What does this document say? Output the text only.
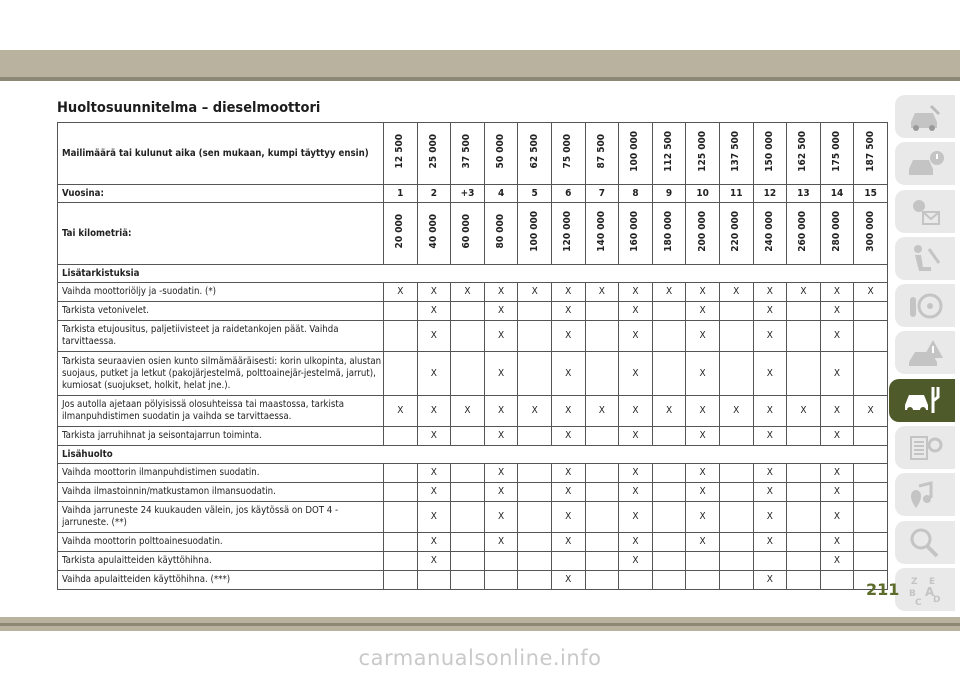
Huoltosuunnitelma – dieselmoottori
Mailimäärä tai kulunut aika (sen mukaan, kumpi täyttyy ensin)	12 500	25 000	37 500	50 000	62 500	75 000	87 500	100 000	112 500	125 000	137 500	150 000	162 500	175 000	187 500
Vuosina:	1	2	+3	4	5	6	7	8	9	10	11	12	13	14	15
Tai kilometriä:	20 000	40 000	60 000	80 000	100 000	120 000	140 000	160 000	180 000	200 000	220 000	240 000	260 000	280 000	300 000
Lisätarkistuksia															
Vaihda moottoriöljy ja -suodatin. (*)	X	X	X	X	X	X	X	X	X	X	X	X	X	X	X
Tarkista vetonivelet.		X		X		X		X		X		X		X	
Tarkista etujousitus, paljetiivisteet ja raidetankojen päät. Vaihda tarvittaessa.		X		X		X		X		X		X		X	
Tarkista seuraavien osien kunto silmämääräisesti: korin ulkopinta, alustan suojaus, putket ja letkut (pakojärjestelmä, polttoainejär-jestelmä, jarrut), kumiosat (suojukset, holkit, helat jne.).		X		X		X		X		X		X		X	
Jos autolla ajetaan pölyisissä olosuhteissa tai maastossa, tarkista ilmanpuhdistimen suodatin ja vaihda se tarvittaessa.	X	X	X	X	X	X	X	X	X	X	X	X	X	X	X
Tarkista jarruhihnat ja seisontajarrun toiminta.		X		X		X		X		X		X		X	
Lisähuolto															
Vaihda moottorin ilmanpuhdistimen suodatin.		X		X		X		X		X		X		X	
Vaihda ilmastoinnin/matkustamon ilmansuodatin.		X		X		X		X		X		X		X	
Vaihda jarruneste 24 kuukauden välein, jos käytössä on DOT 4 -jarruneste. (**)		X		X		X		X		X		X		X	
Vaihda moottorin polttoainesuodatin.		X		X		X		X		X		X		X	
Tarkista apulaitteiden käyttöhihna.		X						X						X	
Vaihda apulaitteiden käyttöhihna. (***)						X						X				Z E
B A
C D
211
carmanualsonline.info
